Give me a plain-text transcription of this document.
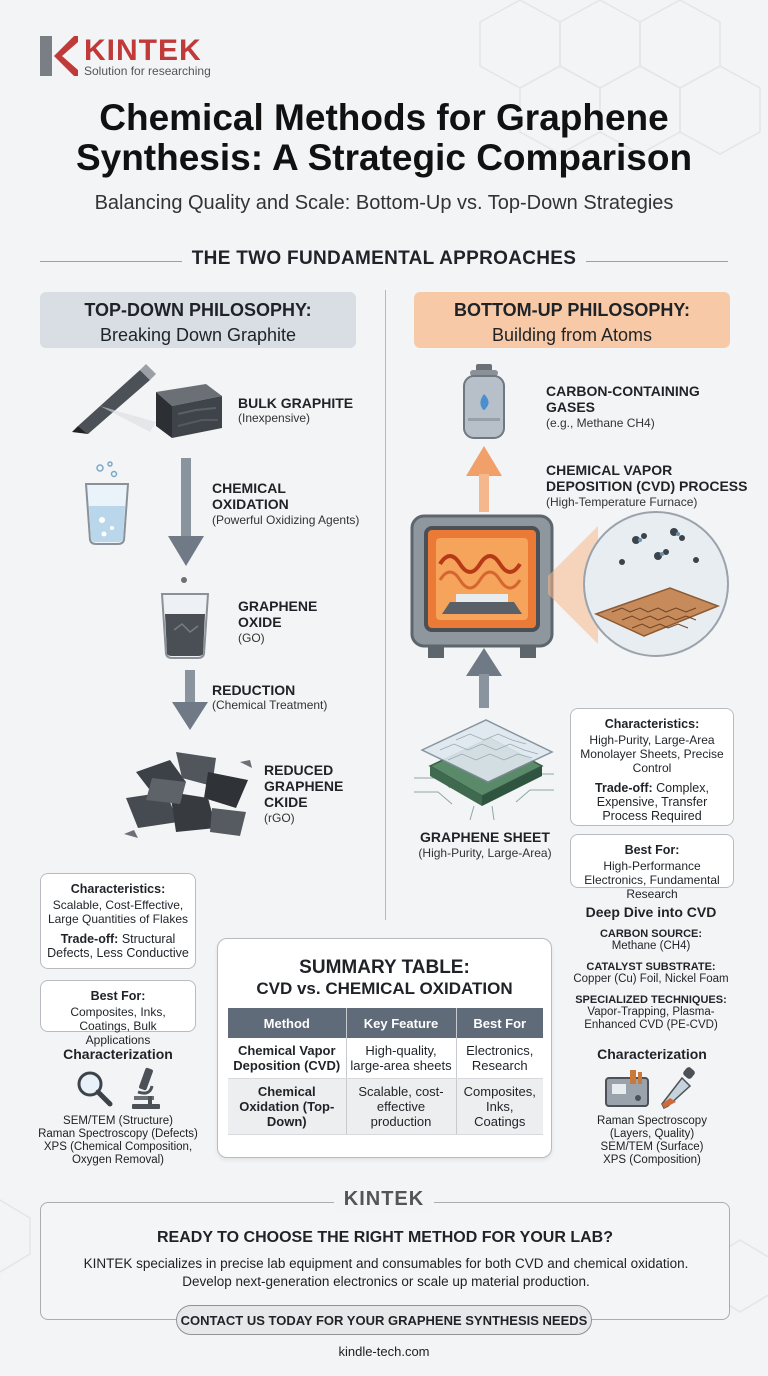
KINTEK
Solution for researching
Chemical Methods for Graphene Synthesis: A Strategic Comparison
Balancing Quality and Scale: Bottom-Up vs. Top-Down Strategies
THE TWO FUNDAMENTAL APPROACHES
TOP-DOWN PHILOSOPHY:
Breaking Down Graphite
BOTTOM-UP PHILOSOPHY:
Building from Atoms
BULK GRAPHITE
(Inexpensive)
CHEMICAL OXIDATION
(Powerful Oxidizing Agents)
GRAPHENE OXIDE
(GO)
REDUCTION
(Chemical Treatment)
REDUCED GRAPHENE CKIDE
(rGO)
Characteristics:
Scalable, Cost-Effective, Large Quantities of Flakes
Trade-off: Structural Defects, Less Conductive
Best For:
Composites, Inks, Coatings, Bulk Applications
Characterization
SEM/TEM (Structure)
Raman Spectroscopy (Defects)
XPS (Chemical Composition,
Oxygen Removal)
CARBON-CONTAINING GASES
(e.g., Methane CH4)
CHEMICAL VAPOR DEPOSITION (CVD) PROCESS
(High-Temperature Furnace)
Characteristics:
High-Purity, Large-Area Monolayer Sheets, Precise Control
Trade-off: Complex, Expensive, Transfer Process Required
GRAPHENE SHEET
(High-Purity, Large-Area)	Best For:
High-Performance Electronics, Fundamental Research
Deep Dive into CVD
CARBON SOURCE:
Methane (CH4)
CATALYST SUBSTRATE:
Copper (Cu) Foil, Nickel Foam
SPECIALIZED TECHNIQUES:
Vapor-Trapping, Plasma-Enhanced CVD (PE-CVD)
Characterization
Raman Spectroscopy
(Layers, Quality)
SEM/TEM (Surface)
XPS (Composition)
SUMMARY TABLE:
CVD vs. CHEMICAL OXIDATION
Method	Key Feature	Best For
Chemical Vapor Deposition (CVD)	High-quality, large-area sheets	Electronics, Research
Chemical Oxidation (Top-Down)	Scalable, cost-effective production	Composites, Inks, Coatings
READY TO CHOOSE THE RIGHT METHOD FOR YOUR LAB?
KINTEK specializes in precise lab equipment and consumables for both CVD and chemical oxidation. Develop next-generation electronics or scale up material production.
KINTEK
CONTACT US TODAY FOR YOUR GRAPHENE SYNTHESIS NEEDS
kindle-tech.com
